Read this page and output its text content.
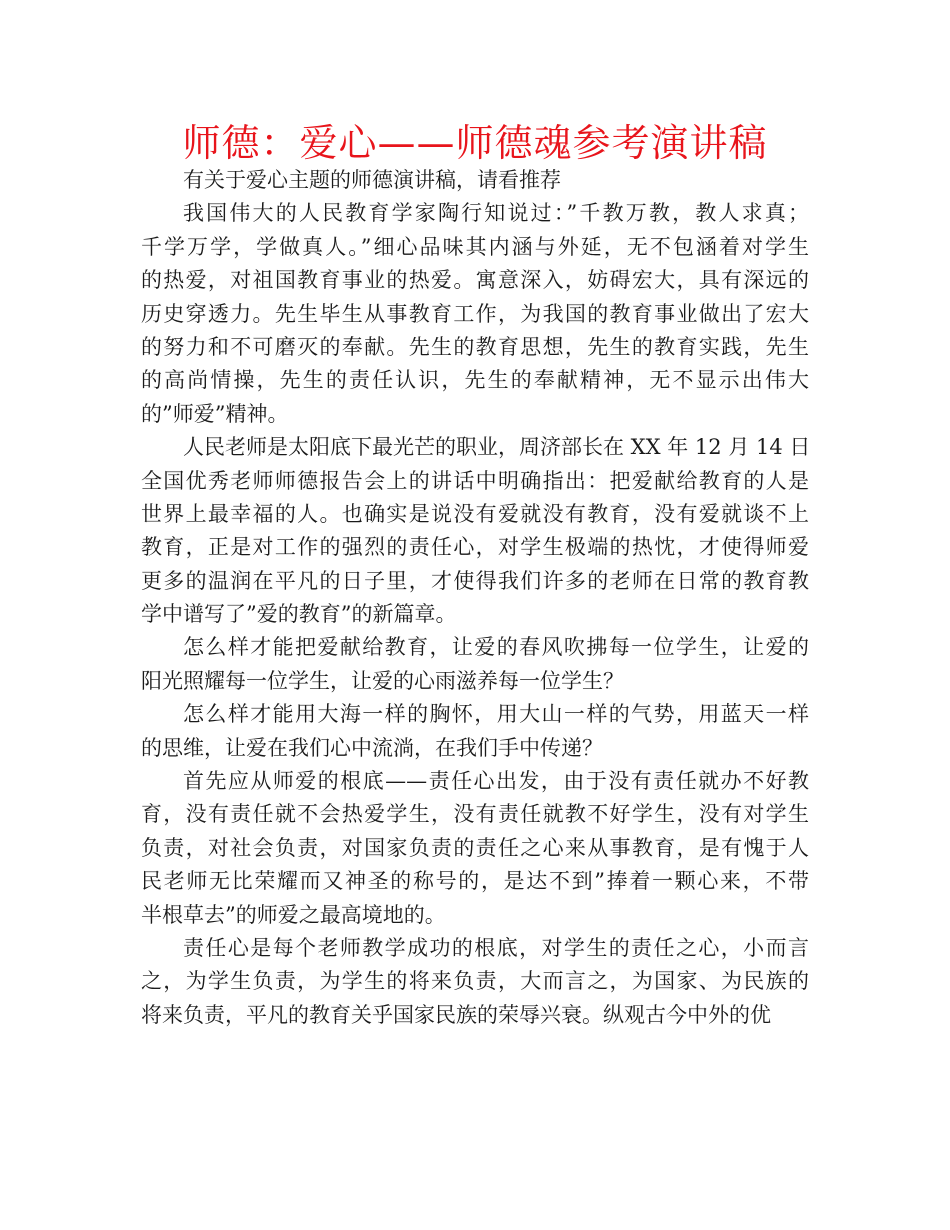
师德：爱心——师德魂参考演讲稿
有关于爱心主题的师德演讲稿，请看推荐
我国伟大的人民教育学家陶行知说过：”千教万教，教人求真；
千学万学，学做真人。”细心品味其内涵与外延，无不包涵着对学生
的热爱，对祖国教育事业的热爱。寓意深入，妨碍宏大，具有深远的
历史穿透力。先生毕生从事教育工作，为我国的教育事业做出了宏大
的努力和不可磨灭的奉献。先生的教育思想，先生的教育实践，先生
的高尚情操，先生的责任认识，先生的奉献精神，无不显示出伟大
的”师爱”精神。
人民老师是太阳底下最光芒的职业，周济部长在 XX 年 12 月 14 日
全国优秀老师师德报告会上的讲话中明确指出：把爱献给教育的人是
世界上最幸福的人。也确实是说没有爱就没有教育，没有爱就谈不上
教育，正是对工作的强烈的责任心，对学生极端的热忱，才使得师爱
更多的温润在平凡的日子里，才使得我们许多的老师在日常的教育教
学中谱写了”爱的教育”的新篇章。
怎么样才能把爱献给教育，让爱的春风吹拂每一位学生，让爱的
阳光照耀每一位学生，让爱的心雨滋养每一位学生？
怎么样才能用大海一样的胸怀，用大山一样的气势，用蓝天一样
的思维，让爱在我们心中流淌，在我们手中传递？
首先应从师爱的根底——责任心出发，由于没有责任就办不好教
育，没有责任就不会热爱学生，没有责任就教不好学生，没有对学生
负责，对社会负责，对国家负责的责任之心来从事教育，是有愧于人
民老师无比荣耀而又神圣的称号的，是达不到”捧着一颗心来，不带
半根草去”的师爱之最高境地的。
责任心是每个老师教学成功的根底，对学生的责任之心，小而言
之，为学生负责，为学生的将来负责，大而言之，为国家、为民族的
将来负责，平凡的教育关乎国家民族的荣辱兴衰。纵观古今中外的优
